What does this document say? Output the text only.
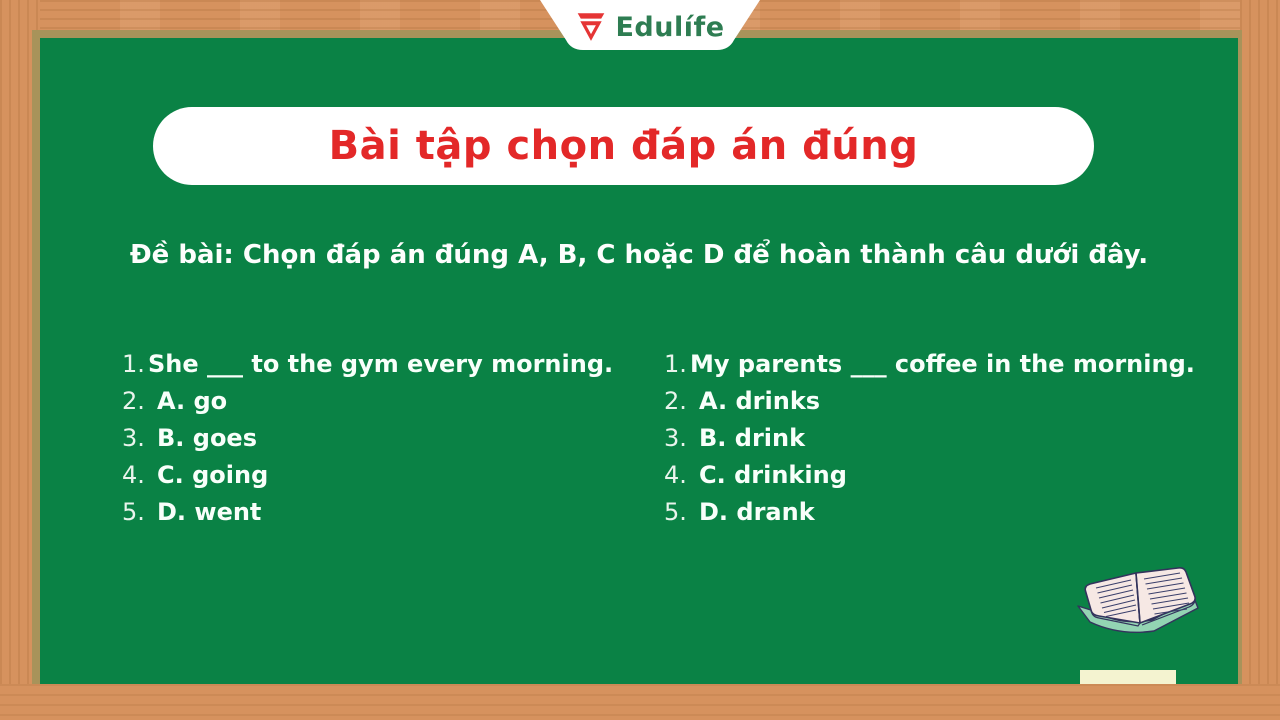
Bài tập chọn đáp án đúng
Đề bài: Chọn đáp án đúng A, B, C hoặc D để hoàn thành câu dưới đây.
1. She ___ to the gym every morning.
2. A. go
3. B. goes
4. C. going
5. D. went
1. My parents ___ coffee in the morning.
2. A. drinks
3. B. drink
4. C. drinking
5. D. drank
Edulífe
